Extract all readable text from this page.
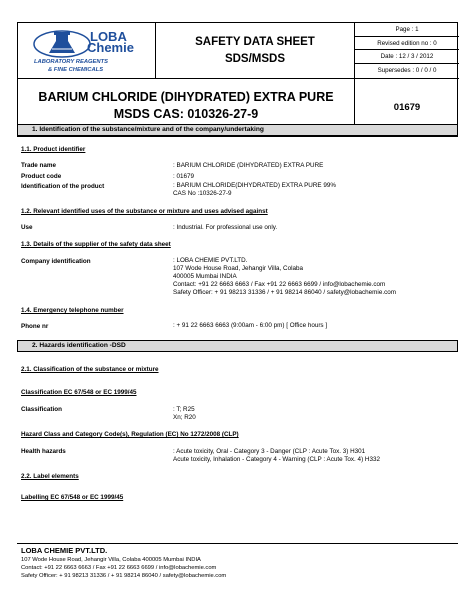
LOBA
Chemie
LABORATORY REAGENTS
& FINE CHEMICALS
SAFETY DATA SHEET
SDS/MSDS
Page : 1
Revised edition no : 0
Date : 12 / 3 / 2012
Supersedes : 0 / 0 / 0
BARIUM CHLORIDE (DIHYDRATED) EXTRA PURE
MSDS CAS: 010326-27-9	01679
1. Identification of the substance/mixture and of the company/undertaking
1.1. Product identifier
Trade name	: BARIUM CHLORIDE (DIHYDRATED) EXTRA PURE
Product code	: 01679
Identification of the product	: BARIUM CHLORIDE(DIHYDRATED) EXTRA PURE 99%
CAS No :10326-27-9
1.2. Relevant identified uses of the substance or mixture and uses advised against
Use	: Industrial. For professional use only.
1.3. Details of the supplier of the safety data sheet
Company identification	: LOBA CHEMIE PVT.LTD.
107 Wode House Road, Jehangir Villa, Colaba
400005 Mumbai INDIA
Contact: +91 22 6663 6663 / Fax +91 22 6663 6699 / info@lobachemie.com
Safety Officer: + 91 98213 31336 / + 91 98214 86040 / safety@lobachemie.com
1.4. Emergency telephone number
Phone nr	: + 91 22 6663 6663 (9:00am - 6:00 pm) [ Office hours ]
2. Hazards identification -DSD
2.1. Classification of the substance or mixture
Classification EC 67/548 or EC 1999/45
Classification	: T; R25
Xn; R20
Hazard Class and Category Code(s), Regulation (EC) No 1272/2008 (CLP)
Health hazards	: Acute toxicity, Oral - Category 3 - Danger (CLP : Acute Tox. 3) H301
Acute toxicity, Inhalation - Category 4 - Warning (CLP : Acute Tox. 4) H332
2.2. Label elements
Labelling EC 67/548 or EC 1999/45
LOBA CHEMIE PVT.LTD.
107 Wode House Road, Jehangir Villa, Colaba 400005 Mumbai INDIA
Contact: +91 22 6663 6663 / Fax +91 22 6663 6699 / info@lobachemie.com
Safety Officer: + 91 98213 31336 / + 91 98214 86040 / safety@lobachemie.com
